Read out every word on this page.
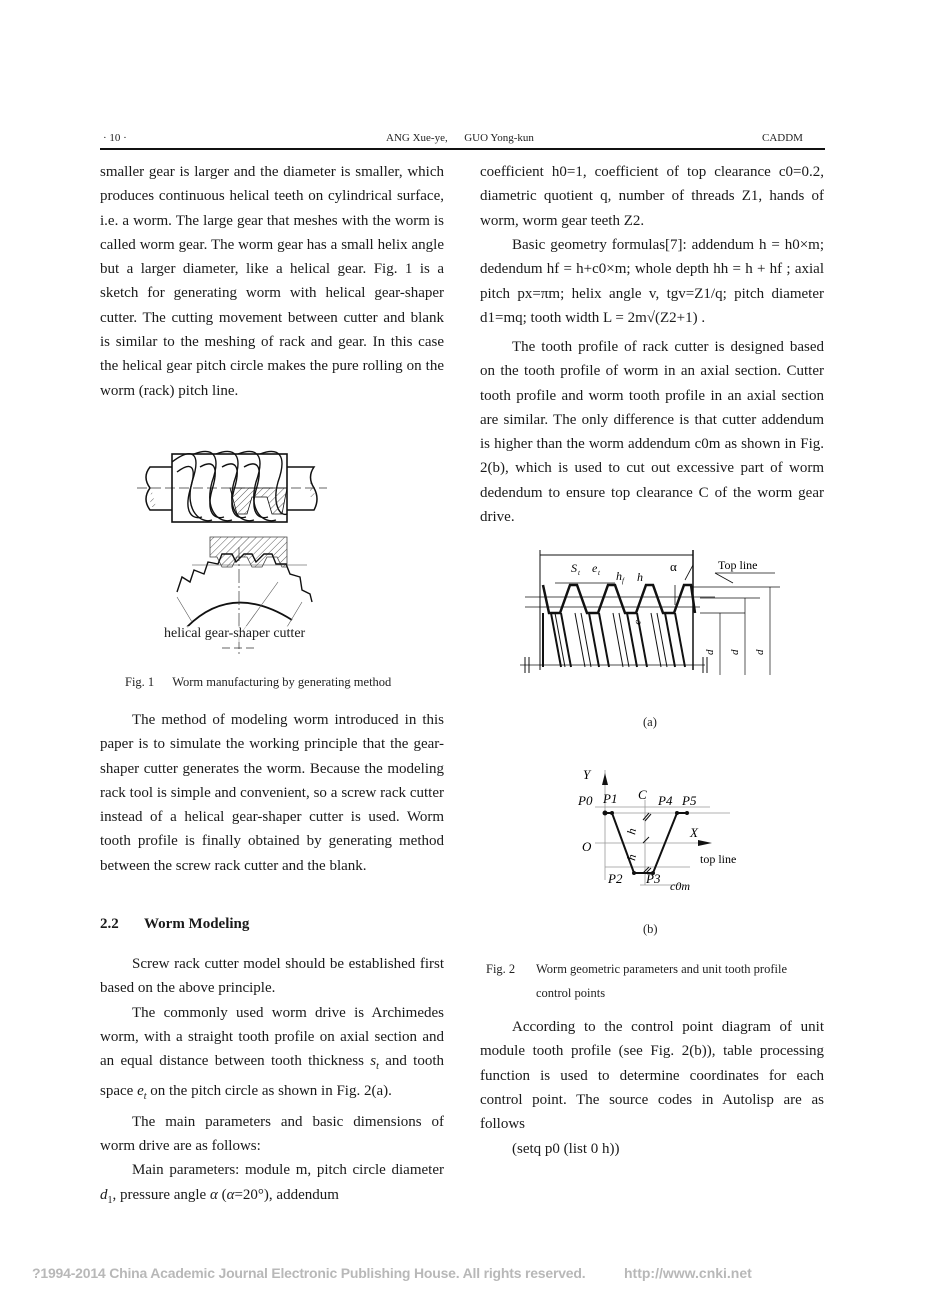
· 10 ·	ANG Xue-ye,      GUO Yong-kun	CADDM

smaller gear is larger and the diameter is smaller, which produces continuous helical teeth on cylindrical surface, i.e. a worm. The large gear that meshes with the worm is called worm gear. The worm gear has a small helix angle but a larger diameter, like a helical gear. Fig. 1 is a sketch for generating worm with helical gear-shaper cutter. The cutting movement between cutter and blank is similar to the meshing of rack and gear. In this case the helical gear pitch circle makes the pure rolling on the worm (rack) pitch line.

helical gear-shaper cutter
Fig. 1 Worm manufacturing by generating method

The method of modeling worm introduced in this paper is to simulate the working principle that the gear-shaper cutter generates the worm. Because the modeling rack tool is simple and convenient, so a screw rack cutter instead of a helical gear-shaper cutter is used. Worm tooth profile is finally obtained by generating method between the screw rack cutter and the blank.

2.2 Worm Modeling

Screw rack cutter model should be established first based on the above principle.

The commonly used worm drive is Archimedes worm, with a straight tooth profile on axial section and an equal distance between tooth thickness $s_t$ and tooth space $e_t$ on the pitch circle as shown in Fig. 2(a).

The main parameters and basic dimensions of worm drive are as follows:

Main parameters: module m, pitch circle diameter $d_1$, pressure angle α (α=20°), addendum

coefficient h0=1, coefficient of top clearance c0=0.2, diametric quotient q, number of threads Z1, hands of worm, worm gear teeth Z2.

Basic geometry formulas[7]: addendum h = h0×m; dedendum hf = h+c0×m; whole depth hh = h + hf ; axial pitch px=πm; helix angle v, tgv=Z1/q; pitch diameter d1=mq; tooth width L = 2m√(Z2+1) .

The tooth profile of rack cutter is designed based on the tooth profile of worm in an axial section. Cutter tooth profile and worm tooth profile in an axial section are similar. The only difference is that cutter addendum is higher than the worm addendum c0m as shown in Fig. 2(b), which is used to cut out excessive part of worm dedendum to ensure top clearance C of the worm gear drive.

S t e t h f h
α	Top line
c
d d d
(a)
Y
P0 P1 C P4 P5
X
O
h
h	top line
P2 P3 c0m
(b)
Fig. 2 Worm geometric parameters and unit tooth profile
control points

According to the control point diagram of unit module tooth profile (see Fig. 2(b)), table processing function is used to determine coordinates for each control point. The source codes in Autolisp are as follows

(setq p0 (list 0 h))
?1994-2014 China Academic Journal Electronic Publishing House. All rights reserved.	http://www.cnki.net
